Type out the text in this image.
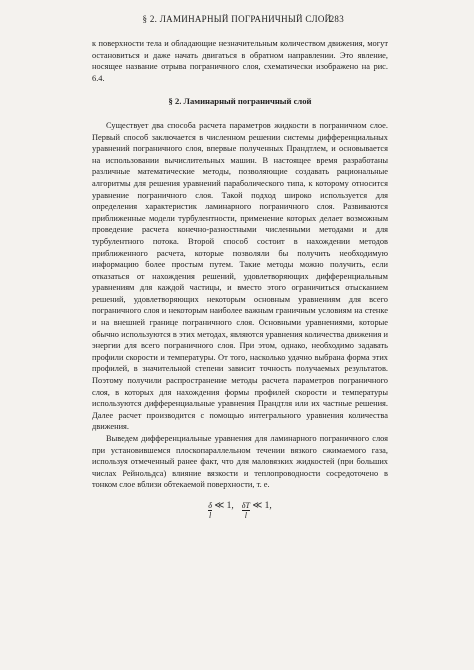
§ 2. ЛАМИНАРНЫЙ ПОГРАНИЧНЫЙ СЛОЙ
283

к поверхности тела и обладающие незначительным количеством движения, могут остановиться и даже начать двигаться в обратном направлении. Это явление, носящее название отрыва пограничного слоя, схематически изображено на рис. 6.4.

§ 2. Ламинарный пограничный слой

Существует два способа расчета параметров жидкости в пограничном слое. Первый способ заключается в численном решении системы дифференциальных уравнений пограничного слоя, впервые полученных Прандтлем, и основывается на использовании вычислительных машин. В настоящее время разработаны различные математические методы, позволяющие создавать рациональные алгоритмы для решения уравнений параболического типа, к которому относится уравнение пограничного слоя. Такой подход широко используется для определения характеристик ламинарного пограничного слоя. Развиваются приближенные модели турбулентности, применение которых делает возможным проведение расчета конечно-разностными численными методами и для турбулентного потока. Второй способ состоит в нахождении методов приближенного расчета, которые позволяли бы получить необходимую информацию более простым путем. Такие методы можно получить, если отказаться от нахождения решений, удовлетворяющих дифференциальным уравнениям для каждой частицы, и вместо этого ограничиться отысканием решений, удовлетворяющих некоторым основным уравнениям для всего пограничного слоя и некоторым наиболее важным граничным условиям на стенке и на внешней границе пограничного слоя. Основными уравнениями, которые обычно используются в этих методах, являются уравнения количества движения и энергии для всего пограничного слоя. При этом, однако, необходимо задавать профили скорости и температуры. От того, насколько удачно выбрана форма этих профилей, в значительной степени зависит точность получаемых результатов. Поэтому получили распространение методы расчета параметров пограничного слоя, в которых для нахождения формы профилей скорости и температуры используются дифференциальные уравнения Прандтля или их частные решения. Далее расчет производится с помощью интегрального уравнения количества движения.

Выведем дифференциальные уравнения для ламинарного пограничного слоя при установившемся плоскопараллельном течении вязкого сжимаемого газа, используя отмеченный ранее факт, что для маловязких жидкостей (при больших числах Рейнольдса) влияние вязкости и теплопроводности сосредоточено в тонком слое вблизи обтекаемой поверхности, т. е.

$\frac{\delta}{l}$ ≪ 1, $\frac{\delta T}{l}$ ≪ 1,
